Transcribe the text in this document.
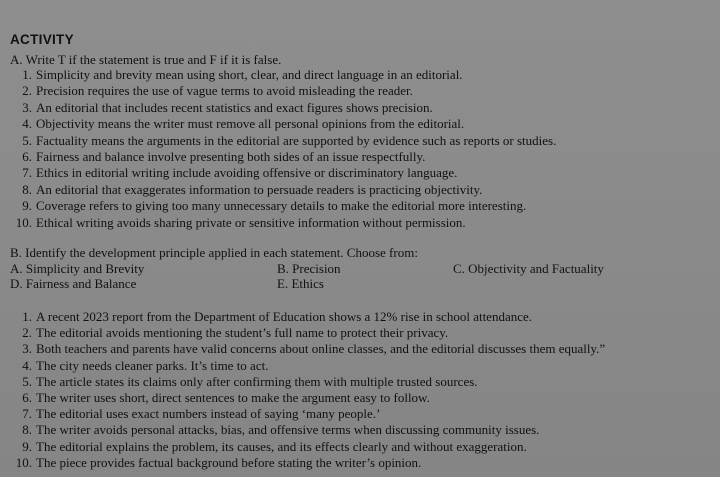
ACTIVITY
A. Write T if the statement is true and F if it is false.
1. Simplicity and brevity mean using short, clear, and direct language in an editorial.
2. Precision requires the use of vague terms to avoid misleading the reader.
3. An editorial that includes recent statistics and exact figures shows precision.
4. Objectivity means the writer must remove all personal opinions from the editorial.
5. Factuality means the arguments in the editorial are supported by evidence such as reports or studies.
6. Fairness and balance involve presenting both sides of an issue respectfully.
7. Ethics in editorial writing include avoiding offensive or discriminatory language.
8. An editorial that exaggerates information to persuade readers is practicing objectivity.
9. Coverage refers to giving too many unnecessary details to make the editorial more interesting.
10. Ethical writing avoids sharing private or sensitive information without permission.
B. Identify the development principle applied in each statement. Choose from:
A. Simplicity and Brevity	B. Precision	C. Objectivity and Factuality
D. Fairness and Balance	E. Ethics
1. A recent 2023 report from the Department of Education shows a 12% rise in school attendance.
2. The editorial avoids mentioning the student’s full name to protect their privacy.
3. Both teachers and parents have valid concerns about online classes, and the editorial discusses them equally.”
4. The city needs cleaner parks. It’s time to act.
5. The article states its claims only after confirming them with multiple trusted sources.
6. The writer uses short, direct sentences to make the argument easy to follow.
7. The editorial uses exact numbers instead of saying ‘many people.’
8. The writer avoids personal attacks, bias, and offensive terms when discussing community issues.
9. The editorial explains the problem, its causes, and its effects clearly and without exaggeration.
10. The piece provides factual background before stating the writer’s opinion.
